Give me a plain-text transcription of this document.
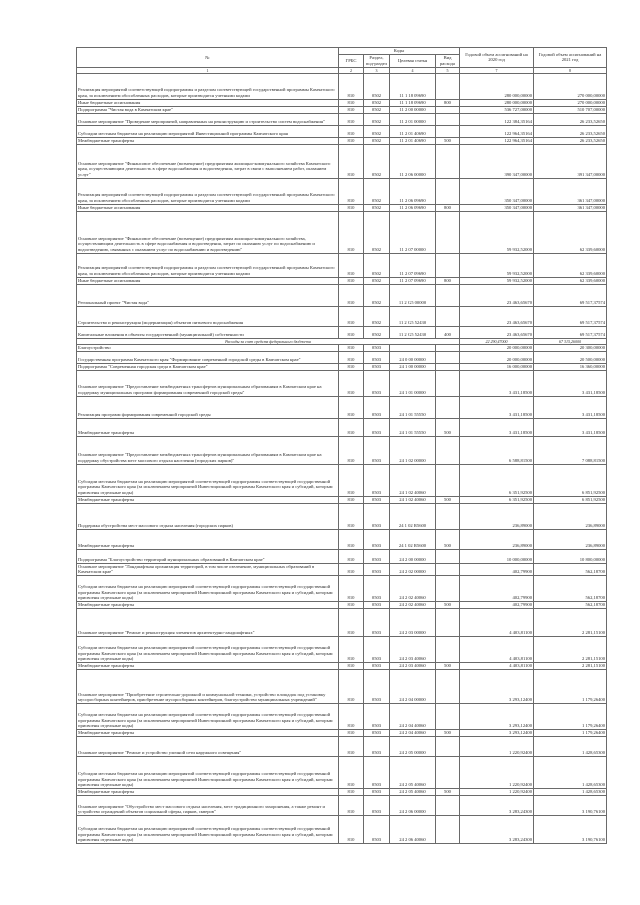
№	Коды				Годовой объем ассигнований на 2020 год	Годовой объем ассигнований на 2021 год
	ГРБС	Раздел, под-раздел	Целевая статья	Вид расхода		
1	2	3	4	5	7	8
Реализация мероприятий соответствующей подпрограммы и разделам соответствующей государственной программы Камчатского края, за исключением обособленных расходов, которые производятся учетными кодами	810	0502	11 1 18 09690		280 000,00000	270 000,00000
Иные бюджетные ассигнования	810	0502	11 1 18 09690	800	280 000,00000	270 000,00000
Подпрограмма "Чистая вода в Камчатском крае"	810	0502	11 2 00 00000		536 727,00000	510 707,00000
Основное мероприятие "Проведение мероприятий, направленных на реконструкцию и строительство систем водоснабжения"	810	0502	11 2 01 00000		122 384,35164	26 233,52650
Субсидии местным бюджетам на реализацию мероприятий Инвестиционной программы Камчатского края	810	0502	11 2 01 40690		122 964,35164	26 233,52650
Межбюджетные трансферты	810	0502	11 2 01 40690	500	122 964,35164	26 233,52650
Основное мероприятие "Финансовое обеспечение (возмещение) предприятиям жилищно-коммунального хозяйства Камчатского края, осуществляющим деятельность в сфере водоснабжения и водоотведения, затрат в связи с выполнением работ, оказанием услуг"	810	0502	11 2 06 00000		390 347,00000	391 347,00000
Реализация мероприятий соответствующей подпрограммы и разделам соответствующей государственной программы Камчатского края, за исключением обособленных расходов, которые производятся учетными кодами	810	0502	11 2 06 09690		350 347,00000	361 347,00000
Иные бюджетные ассигнования	810	0502	11 2 06 09690	800	350 347,00000	361 347,00000
Основное мероприятие "Финансовое обеспечение (возмещение) предприятиям жилищно-коммунального хозяйства, осуществляющим деятельность в сфере водоснабжения и водоотведения, затрат по оказанию услуг по водоснабжению и водоотведению, связанных с оказанием услуг по водоснабжению и водоотведению"	810	0502	11 2 07 00000		59 932,52000	62 339,60000
Реализация мероприятий соответствующей подпрограммы и разделам соответствующей государственной программы Камчатского края, за исключением обособленных расходов, которые производятся учетными кодами	810	0502	11 2 07 09690		59 932,52000	62 339,60000
Иные бюджетные ассигнования	810	0502	11 2 07 09690	800	59 932,52000	62 339,60000
Региональный проект "Чистая вода"	810	0502	11 2 G5 00000		23 463,65670	69 517,37574
Строительство и реконструкция (модернизация) объектов питьевого водоснабжения	810	0502	11 2 G5 52430		23 463,65670	69 517,37574
Капитальные вложения в объекты государственной (муниципальной) собственности	810	0502	11 2 G5 52430	400	23 463,65670	69 517,37574
Расходы за счет средств федерального бюджета					22 290,47000	67 315,26000
Благоустройство	810	0503			20 000,00000	20 300,00000
Государственная программа Камчатского края "Формирование современной городской среды в Камчатском крае"	810	0503	24 0 00 00000		20 000,00000	20 500,00000
Подпрограмма "Современная городская среда в Камчатском крае"	810	0503	24 1 00 00000		16 000,00000	16 360,00000
Основное мероприятие "Предоставление межбюджетных трансфертов муниципальным образованиям в Камчатском крае на поддержку муниципальных программ формирования современной городской среды"	810	0503	24 1 01 00000		3 431,18500	3 431,18500
Реализация программ формирования современной городской среды	810	0503	24 1 01 55550		3 431,18500	3 431,18500
Межбюджетные трансферты	810	0503	24 1 01 55550	500	3 431,18500	3 431,18500
Основное мероприятие "Предоставление межбюджетных трансфертов муниципальным образованиям в Камчатском крае на поддержку обустройства мест массового отдыха населения (городских парков)"	810	0503	24 1 02 00000		6 588,81500	7 088,81500
Субсидии местным бюджетам на реализацию мероприятий соответствующей подпрограммы соответствующей государственной программы Камчатского края (за исключением мероприятий Инвестиционной программы Камчатского края и субсидий, которым присвоены отдельные коды)	810	0503	24 1 02 40060		6 351,92500	6 851,92500
Межбюджетные трансферты	810	0503	24 1 02 40060	500	6 351,92500	6 851,92500
Поддержка обустройства мест массового отдыха населения (городских парков)	810	0503	24 1 02 R5600		236,89000	236,89000
Межбюджетные трансферты	810	0503	24 1 02 R5600	500	236,89000	236,89000
Подпрограмма "Благоустройство территорий муниципальных образований в Камчатском крае"	810	0503	24 2 00 00000		10 000,00000	10 800,00000
Основное мероприятие "Ландшафтная организация территорий, в том числе озеленение, муниципальных образований в Камчатском крае"	810	0503	24 2 02 00000		402,79900	562,18700
Субсидии местным бюджетам на реализацию мероприятий соответствующей подпрограммы соответствующей государственной программы Камчатского края (за исключением мероприятий Инвестиционной программы Камчатского края и субсидий, которым присвоены отдельные коды)	810	0503	24 2 02 40060		402,79900	562,18700
Межбюджетные трансферты	810	0503	24 2 02 40060	500	402,79900	562,18700
Основное мероприятие "Ремонт и реконструкция элементов архитектурно-ландшафтных"	810	0503	24 2 03 00000		4 403,81100	2 281,15100
Субсидии местным бюджетам на реализацию мероприятий соответствующей подпрограммы соответствующей государственной программы Камчатского края (за исключением мероприятий Инвестиционной программы Камчатского края и субсидий, которым присвоены отдельные коды)	810	0503	24 2 03 40060		4 403,81100	2 281,15100
Межбюджетные трансферты	810	0503	24 2 03 40060	500	4 403,81100	2 281,15100
Основное мероприятие "Приобретение строительно-дорожной и коммунальной техники, устройство площадок под установку мусоросборных контейнеров, приобретение мусоросборных контейнеров, благоустройство муниципальных учреждений"	810	0503	24 2 04 00000		3 293,12400	1 179,26400
Субсидии местным бюджетам на реализацию мероприятий соответствующей подпрограммы соответствующей государственной программы Камчатского края (за исключением мероприятий Инвестиционной программы Камчатского края и субсидий, которым присвоены отдельные коды)	810	0503	24 2 04 40060		3 293,12400	1 179,26400
Межбюджетные трансферты	810	0503	24 2 04 40060	500	3 293,12400	1 179,26400
Основное мероприятие "Ремонт и устройство уличной сети наружного освещения"	810	0503	24 2 05 00000		1 220,92400	1 428,65300
Субсидии местным бюджетам на реализацию мероприятий соответствующей подпрограммы соответствующей государственной программы Камчатского края (за исключением мероприятий Инвестиционной программы Камчатского края и субсидий, которым присвоены отдельные коды)	810	0503	24 2 05 40060		1 220,92400	1 428,65300
Межбюджетные трансферты	810	0503	24 2 05 40060	500	1 220,92400	1 428,65300
Основное мероприятие "Обустройство мест массового отдыха населения, мест традиционного захоронения, а также ремонт и устройство ограждений объектов социальной сферы, парков, скверов"	810	0503	24 2 06 00000		3 283,24300	3 190,76100
Субсидии местным бюджетам на реализацию мероприятий соответствующей подпрограммы соответствующей государственной программы Камчатского края (за исключением мероприятий Инвестиционной программы Камчатского края и субсидий, которым присвоены отдельные коды)	810	0503	24 2 06 40060		3 283,24300	3 190,76100
